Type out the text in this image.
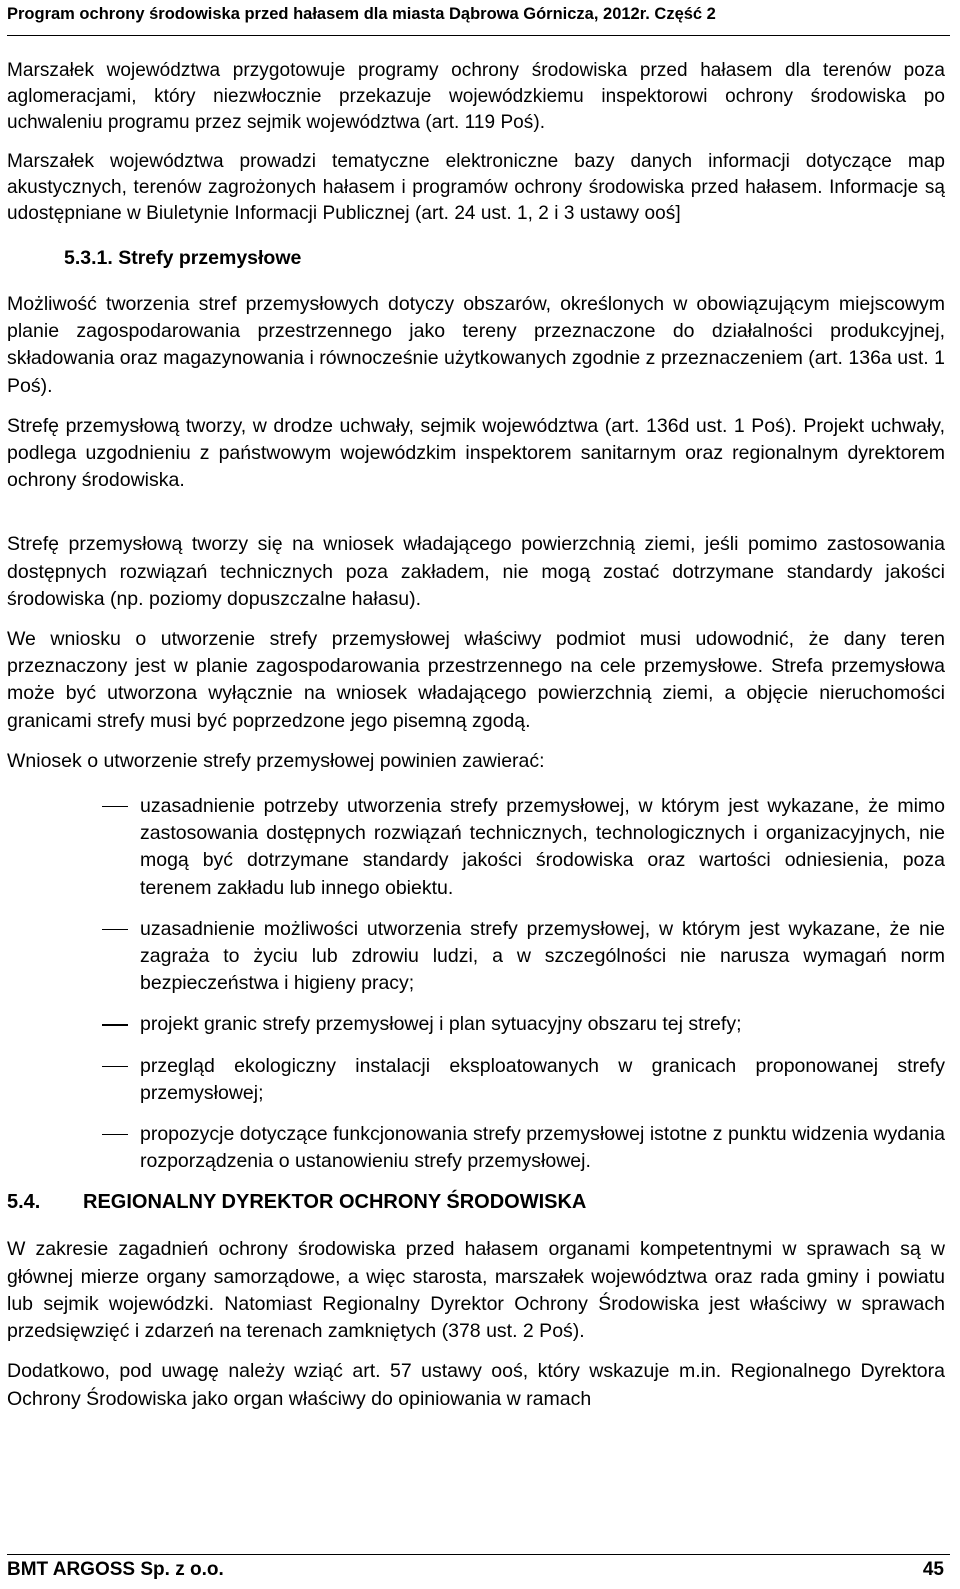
Program ochrony środowiska przed hałasem dla miasta Dąbrowa Górnicza, 2012r. Część 2

Marszałek województwa przygotowuje programy ochrony środowiska przed hałasem dla terenów poza aglomeracjami, który niezwłocznie przekazuje wojewódzkiemu inspektorowi ochrony środowiska po uchwaleniu programu przez sejmik województwa (art. 119 Poś).

Marszałek województwa prowadzi tematyczne elektroniczne bazy danych informacji dotyczące map akustycznych, terenów zagrożonych hałasem i programów ochrony środowiska przed hałasem. Informacje są udostępniane w Biuletynie Informacji Publicznej (art. 24 ust. 1, 2 i 3 ustawy ooś]

5.3.1. Strefy przemysłowe

Możliwość tworzenia stref przemysłowych dotyczy obszarów, określonych w obowiązującym miejscowym planie zagospodarowania przestrzennego jako tereny przeznaczone do działalności produkcyjnej, składowania oraz magazynowania i równocześnie użytkowanych zgodnie z przeznaczeniem (art. 136a ust. 1 Poś).

Strefę przemysłową tworzy, w drodze uchwały, sejmik województwa (art. 136d ust. 1 Poś). Projekt uchwały, podlega uzgodnieniu z państwowym wojewódzkim inspektorem sanitarnym oraz regionalnym dyrektorem ochrony środowiska.

Strefę przemysłową tworzy się na wniosek władającego powierzchnią ziemi, jeśli pomimo zastosowania dostępnych rozwiązań technicznych poza zakładem, nie mogą zostać dotrzymane standardy jakości środowiska (np. poziomy dopuszczalne hałasu).

We wniosku o utworzenie strefy przemysłowej właściwy podmiot musi udowodnić, że dany teren przeznaczony jest w planie zagospodarowania przestrzennego na cele przemysłowe. Strefa przemysłowa może być utworzona wyłącznie na wniosek władającego powierzchnią ziemi, a objęcie nieruchomości granicami strefy musi być poprzedzone jego pisemną zgodą.

Wniosek o utworzenie strefy przemysłowej powinien zawierać:

uzasadnienie potrzeby utworzenia strefy przemysłowej, w którym jest wykazane, że mimo zastosowania dostępnych rozwiązań technicznych, technologicznych i organizacyjnych, nie mogą być dotrzymane standardy jakości środowiska oraz wartości odniesienia, poza terenem zakładu lub innego obiektu.
uzasadnienie możliwości utworzenia strefy przemysłowej, w którym jest wykazane, że nie zagraża to życiu lub zdrowiu ludzi, a w szczególności nie narusza wymagań norm bezpieczeństwa i higieny pracy;
projekt granic strefy przemysłowej i plan sytuacyjny obszaru tej strefy;
przegląd ekologiczny instalacji eksploatowanych w granicach proponowanej strefy przemysłowej;
propozycje dotyczące funkcjonowania strefy przemysłowej istotne z punktu widzenia wydania rozporządzenia o ustanowieniu strefy przemysłowej.
5.4. REGIONALNY DYREKTOR OCHRONY ŚRODOWISKA

W zakresie zagadnień ochrony środowiska przed hałasem organami kompetentnymi w sprawach są w głównej mierze organy samorządowe, a więc starosta, marszałek województwa oraz rada gminy i powiatu lub sejmik wojewódzki. Natomiast Regionalny Dyrektor Ochrony Środowiska jest właściwy w sprawach przedsięwzięć i zdarzeń na terenach zamkniętych (378 ust. 2 Poś).

Dodatkowo, pod uwagę należy wziąć art. 57 ustawy ooś, który wskazuje m.in. Regionalnego Dyrektora Ochrony Środowiska jako organ właściwy do opiniowania w ramach

BMT ARGOSS Sp. z o.o.	45
